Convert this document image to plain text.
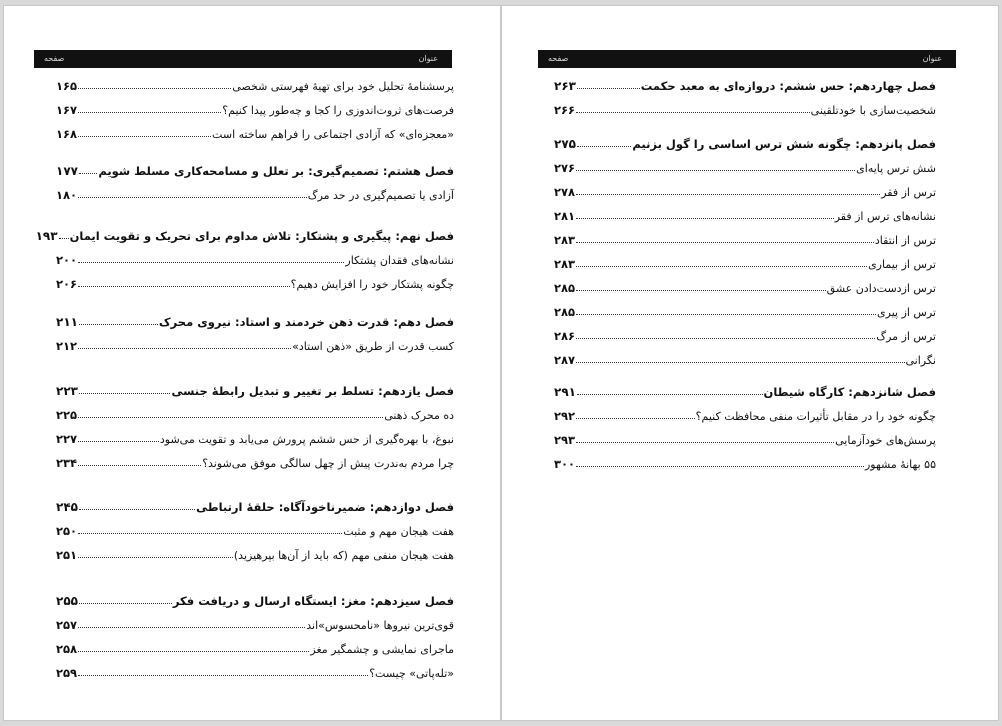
عنوان
صفحه
پرسشنامهٔ تحلیل خود برای تهیهٔ فهرستی شخصی
۱۶۵
فرصت‌های ثروت‌اندوزی را کجا و چه‌طور پیدا کنیم؟
۱۶۷
«معجزه‌ای» که آزادی اجتماعی را فراهم ساخته است
۱۶۸
فصل هشتم: تصمیم‌گیری: بر تعلل و مسامحه‌کاری مسلط شویم
۱۷۷
آزادی یا تصمیم‌گیری در حد مرگ
۱۸۰
فصل نهم: پیگیری و پشتکار: تلاش مداوم برای تحریک و تقویت ایمان
۱۹۳
نشانه‌های فقدان پشتکار
۲۰۰
چگونه پشتکار خود را افزایش دهیم؟
۲۰۶
فصل دهم: قدرت ذهن خردمند و استاد: نیروی محرک
۲۱۱
کسب قدرت از طریق «ذهن استاد»
۲۱۲
فصل یازدهم: تسلط بر تغییر و تبدیل رابطهٔ جنسی
۲۲۳
ده محرک ذهنی
۲۲۵
نبوغ، با بهره‌گیری از حس ششم پرورش می‌یابد و تقویت می‌شود
۲۲۷
چرا مردم به‌ندرت پیش از چهل سالگی موفق می‌شوند؟
۲۳۴
فصل دوازدهم: ضمیرناخودآگاه: حلقهٔ ارتباطی
۲۴۵
هفت هیجان مهم و مثبت
۲۵۰
هفت هیجان منفی مهم (که باید از آن‌ها بپرهیزید)
۲۵۱
فصل سیزدهم: مغز: ایستگاه ارسال و دریافت فکر
۲۵۵
قوی‌ترین نیروها «نامحسوس»‌اند
۲۵۷
ماجرای نمایشی و چشمگیر مغز
۲۵۸
«تله‌پاتی» چیست؟
۲۵۹
عنوان
صفحه
فصل چهاردهم: حس ششم: دروازه‌ای به معبد حکمت
۲۶۳
شخصیت‌سازی با خودتلقینی
۲۶۶
فصل پانزدهم: چگونه شش ترس اساسی را گول بزنیم
۲۷۵
شش ترس پایه‌ای
۲۷۶
ترس از فقر
۲۷۸
نشانه‌های ترس از فقر
۲۸۱
ترس از انتقاد
۲۸۳
ترس از بیماری
۲۸۳
ترس ازدست‌دادن عشق
۲۸۵
ترس از پیری
۲۸۵
ترس از مرگ
۲۸۶
نگرانی
۲۸۷
فصل شانزدهم: کارگاه شیطان
۲۹۱
چگونه خود را در مقابل تأثیرات منفی محافظت کنیم؟
۲۹۲
پرسش‌های خودآزمایی
۲۹۳
۵۵ بهانهٔ مشهور
۳۰۰
